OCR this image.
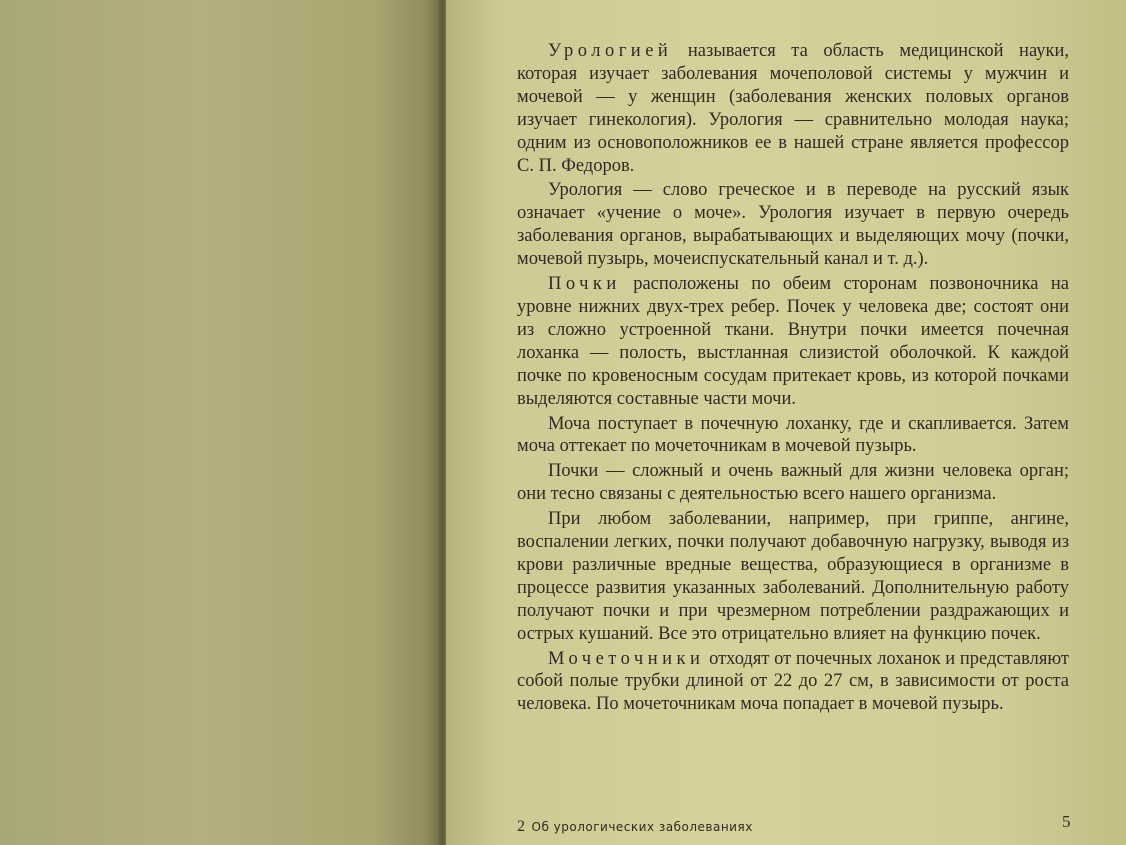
Урологией называется та область медицинской науки, которая изучает заболевания мочеполовой системы у мужчин и мочевой — у женщин (заболевания женских половых органов изучает гинекология). Урология — сравнительно молодая наука; одним из основоположников ее в нашей стране является профессор С. П. Федоров.

Урология — слово греческое и в переводе на русский язык означает «учение о моче». Урология изучает в первую очередь заболевания органов, вырабатывающих и выделяющих мочу (почки, мочевой пузырь, мочеиспускательный канал и т. д.).

Почки расположены по обеим сторонам позвоночника на уровне нижних двух-трех ребер. Почек у человека две; состоят они из сложно устроенной ткани. Внутри почки имеется почечная лоханка — полость, выстланная слизистой оболочкой. К каждой почке по кровеносным сосудам притекает кровь, из которой почками выделяются составные части мочи.

Моча поступает в почечную лоханку, где и скапливается. Затем моча оттекает по мочеточникам в мочевой пузырь.

Почки — сложный и очень важный для жизни человека орган; они тесно связаны с деятельностью всего нашего организма.

При любом заболевании, например, при гриппе, ангине, воспалении легких, почки получают добавочную нагрузку, выводя из крови различные вредные вещества, образующиеся в организме в процессе развития указанных заболеваний. Дополнительную работу получают почки и при чрезмерном потреблении раздражающих и острых кушаний. Все это отрицательно влияет на функцию почек.

Мочеточники отходят от почечных лоханок и представляют собой полые трубки длиной от 22 до 27 см, в зависимости от роста человека. По мочеточникам моча попадает в мочевой пузырь.

2 Об урологических заболеваниях	5
